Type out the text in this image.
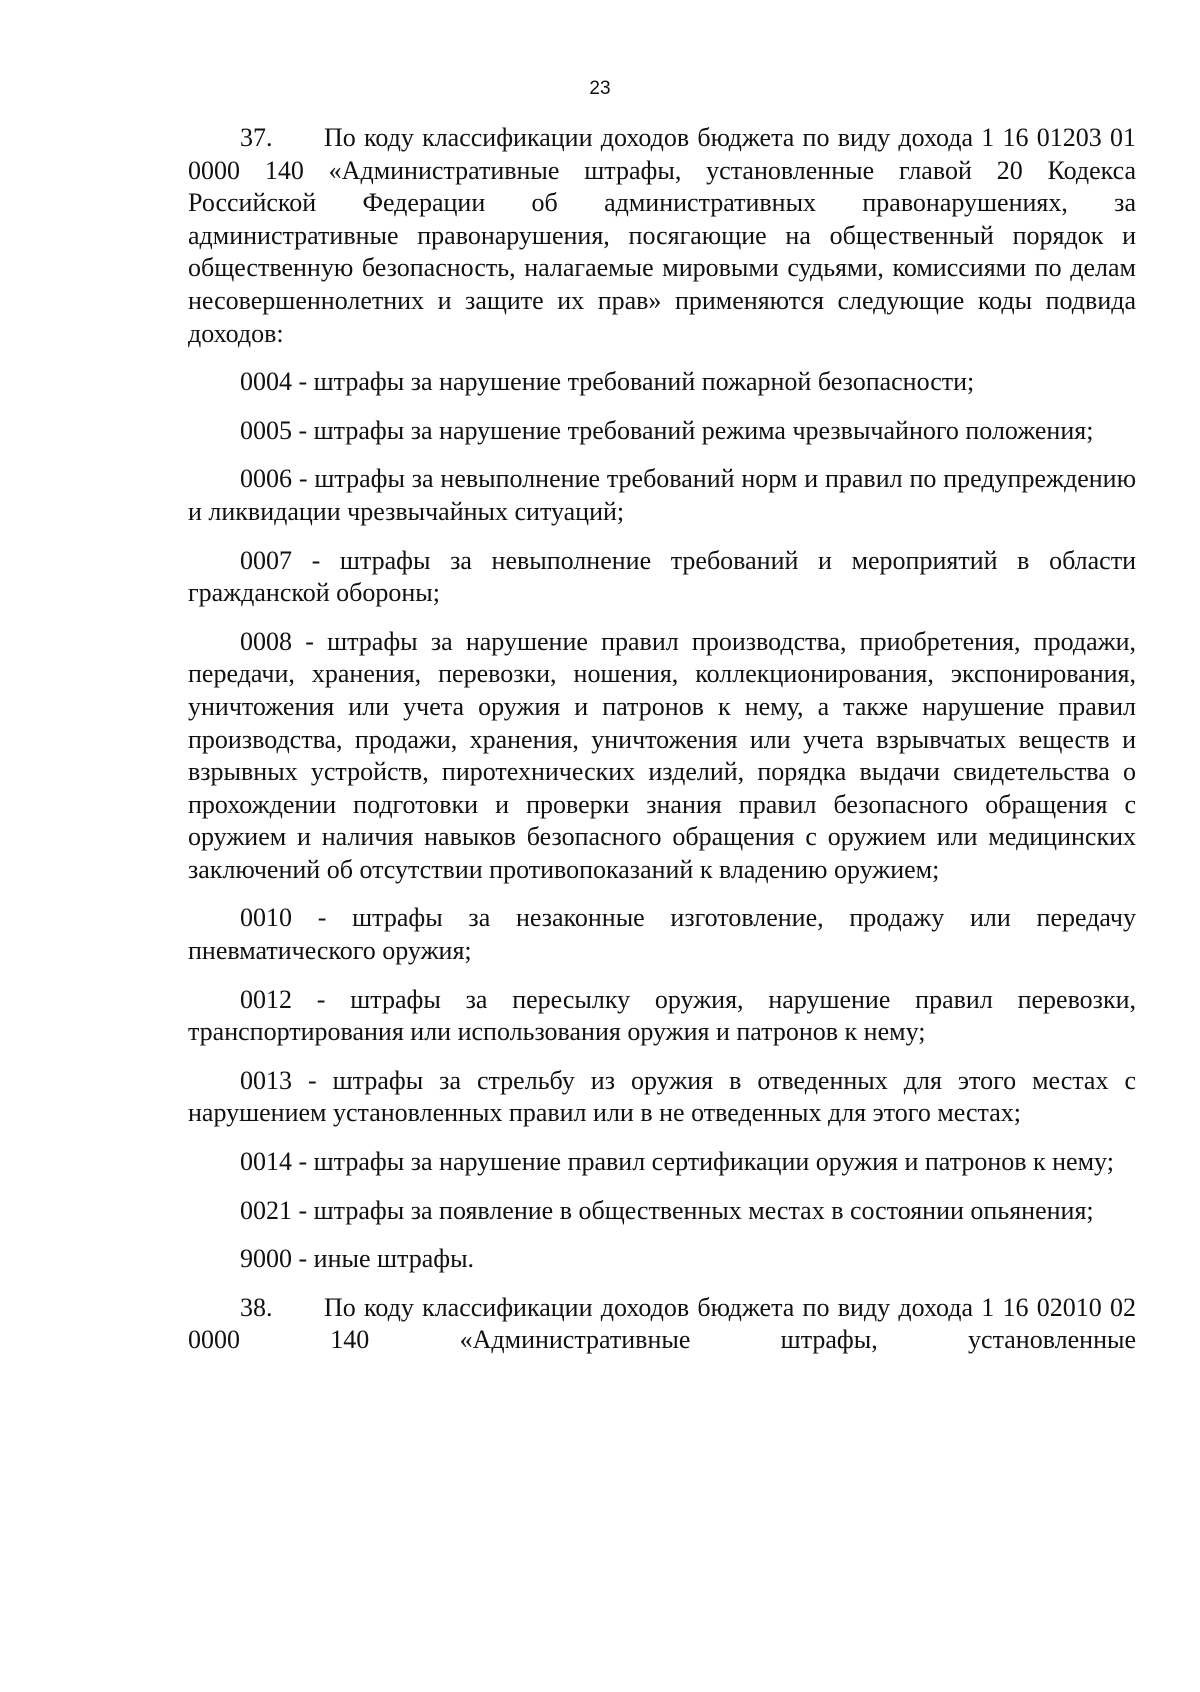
23

37. По коду классификации доходов бюджета по виду дохода 1 16 01203 01 0000 140 «Административные штрафы, установленные главой 20 Кодекса Российской Федерации об административных правонарушениях, за административные правонарушения, посягающие на общественный порядок и общественную безопасность, налагаемые мировыми судьями, комиссиями по делам несовершеннолетних и защите их прав» применяются следующие коды подвида доходов:

0004 - штрафы за нарушение требований пожарной безопасности;

0005 - штрафы за нарушение требований режима чрезвычайного положения;

0006 - штрафы за невыполнение требований норм и правил по предупреждению и ликвидации чрезвычайных ситуаций;

0007 - штрафы за невыполнение требований и мероприятий в области гражданской обороны;

0008 - штрафы за нарушение правил производства, приобретения, продажи, передачи, хранения, перевозки, ношения, коллекционирования, экспонирования, уничтожения или учета оружия и патронов к нему, а также нарушение правил производства, продажи, хранения, уничтожения или учета взрывчатых веществ и взрывных устройств, пиротехнических изделий, порядка выдачи свидетельства о прохождении подготовки и проверки знания правил безопасного обращения с оружием и наличия навыков безопасного обращения с оружием или медицинских заключений об отсутствии противопоказаний к владению оружием;

0010 - штрафы за незаконные изготовление, продажу или передачу пневматического оружия;

0012 - штрафы за пересылку оружия, нарушение правил перевозки, транспортирования или использования оружия и патронов к нему;

0013 - штрафы за стрельбу из оружия в отведенных для этого местах с нарушением установленных правил или в не отведенных для этого местах;

0014 - штрафы за нарушение правил сертификации оружия и патронов к нему;

0021 - штрафы за появление в общественных местах в состоянии опьянения;

9000 - иные штрафы.

38. По коду классификации доходов бюджета по виду дохода 1 16 02010 02 0000 140 «Административные штрафы, установленные
